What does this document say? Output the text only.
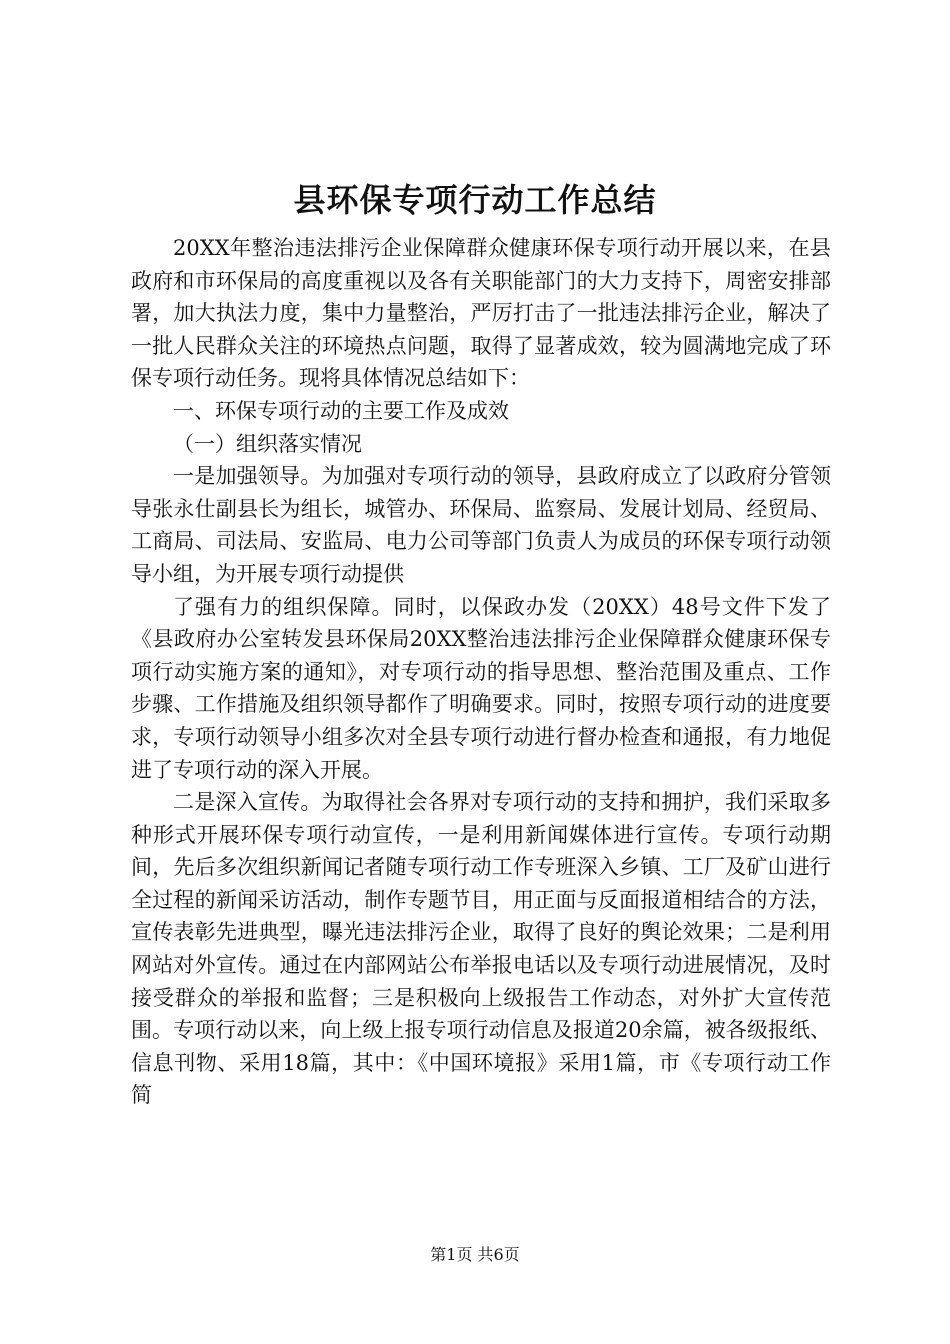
县环保专项行动工作总结

20XX年整治违法排污企业保障群众健康环保专项行动开展以来，在县政府和市环保局的高度重视以及各有关职能部门的大力支持下，周密安排部署，加大执法力度，集中力量整治，严厉打击了一批违法排污企业，解决了一批人民群众关注的环境热点问题，取得了显著成效，较为圆满地完成了环保专项行动任务。现将具体情况总结如下：

一、环保专项行动的主要工作及成效

（一）组织落实情况

一是加强领导。为加强对专项行动的领导，县政府成立了以政府分管领导张永仕副县长为组长，城管办、环保局、监察局、发展计划局、经贸局、工商局、司法局、安监局、电力公司等部门负责人为成员的环保专项行动领导小组，为开展专项行动提供

了强有力的组织保障。同时，以保政办发（20XX）48号文件下发了《县政府办公室转发县环保局20XX整治违法排污企业保障群众健康环保专项行动实施方案的通知》，对专项行动的指导思想、整治范围及重点、工作步骤、工作措施及组织领导都作了明确要求。同时，按照专项行动的进度要求，专项行动领导小组多次对全县专项行动进行督办检查和通报，有力地促进了专项行动的深入开展。

二是深入宣传。为取得社会各界对专项行动的支持和拥护，我们采取多种形式开展环保专项行动宣传，一是利用新闻媒体进行宣传。专项行动期间，先后多次组织新闻记者随专项行动工作专班深入乡镇、工厂及矿山进行全过程的新闻采访活动，制作专题节目，用正面与反面报道相结合的方法，宣传表彰先进典型，曝光违法排污企业，取得了良好的舆论效果；二是利用网站对外宣传。通过在内部网站公布举报电话以及专项行动进展情况，及时接受群众的举报和监督；三是积极向上级报告工作动态，对外扩大宣传范围。专项行动以来，向上级上报专项行动信息及报道20余篇，被各级报纸、信息刊物、采用18篇，其中：《中国环境报》采用1篇，市《专项行动工作简

第1页 共6页
